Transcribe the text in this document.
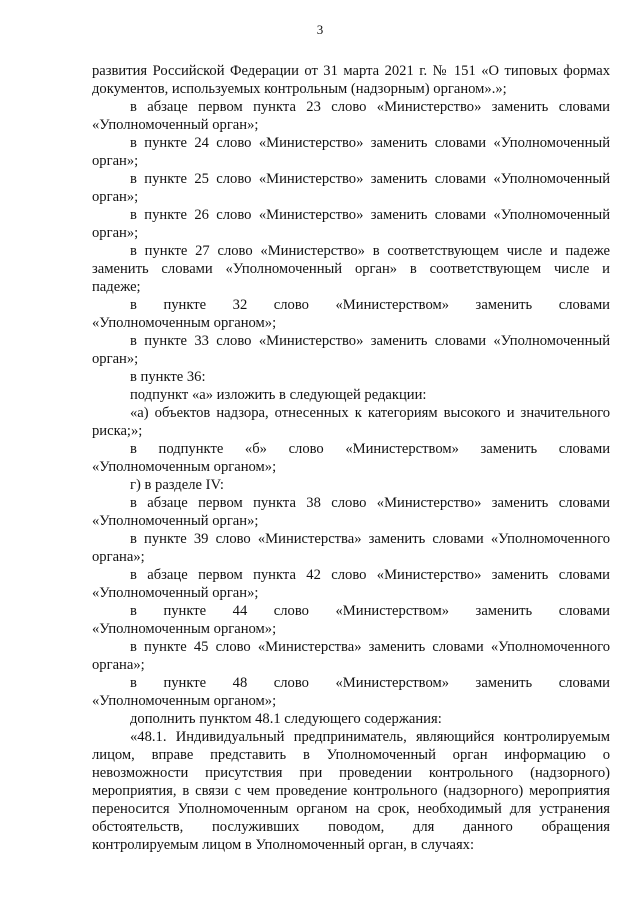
3

развития Российской Федерации от 31 марта 2021 г. № 151 «О типовых формах

документов, используемых контрольным (надзорным) органом».»;

в абзаце первом пункта 23 слово «Министерство» заменить словами

«Уполномоченный орган»;

в пункте 24 слово «Министерство» заменить словами «Уполномоченный

орган»;

в пункте 25 слово «Министерство» заменить словами «Уполномоченный

орган»;

в пункте 26 слово «Министерство» заменить словами «Уполномоченный

орган»;

в пункте 27 слово «Министерство» в соответствующем числе и падеже

заменить словами «Уполномоченный орган» в соответствующем числе и

падеже;

в пункте 32 слово «Министерством» заменить словами

«Уполномоченным органом»;

в пункте 33 слово «Министерство» заменить словами «Уполномоченный

орган»;

в пункте 36:

подпункт «а» изложить в следующей редакции:

«а) объектов надзора, отнесенных к категориям высокого и значительного

риска;»;

в подпункте «б» слово «Министерством» заменить словами

«Уполномоченным органом»;

г) в разделе IV:

в абзаце первом пункта 38 слово «Министерство» заменить словами

«Уполномоченный орган»;

в пункте 39 слово «Министерства» заменить словами «Уполномоченного

органа»;

в абзаце первом пункта 42 слово «Министерство» заменить словами

«Уполномоченный орган»;

в пункте 44 слово «Министерством» заменить словами

«Уполномоченным органом»;

в пункте 45 слово «Министерства» заменить словами «Уполномоченного

органа»;

в пункте 48 слово «Министерством» заменить словами

«Уполномоченным органом»;

дополнить пунктом 48.1 следующего содержания:

«48.1. Индивидуальный предприниматель, являющийся контролируемым

лицом, вправе представить в Уполномоченный орган информацию о

невозможности присутствия при проведении контрольного (надзорного)

мероприятия, в связи с чем проведение контрольного (надзорного) мероприятия

переносится Уполномоченным органом на срок, необходимый для устранения

обстоятельств, послуживших поводом, для данного обращения

контролируемым лицом в Уполномоченный орган, в случаях:
